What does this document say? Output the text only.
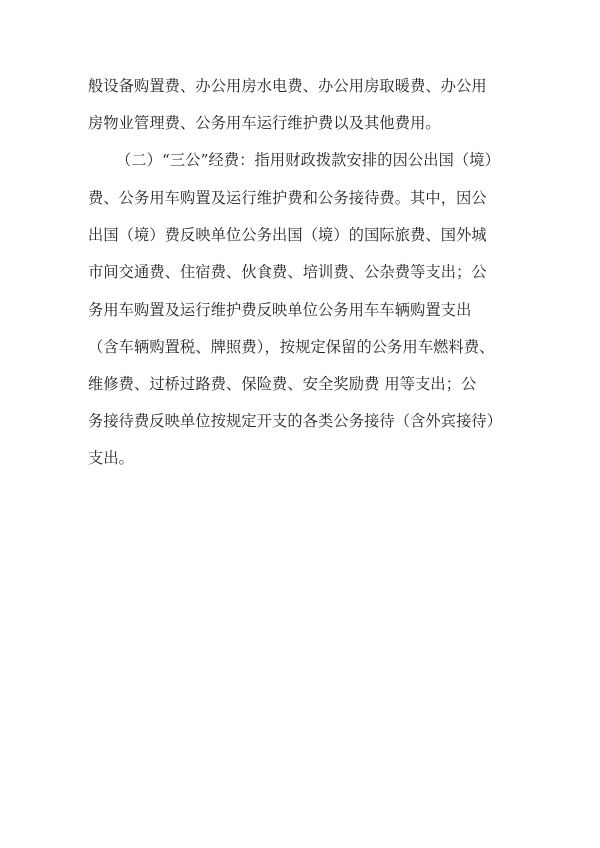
般设备购置费、办公用房水电费、办公用房取暖费、办公用
房物业管理费、公务用车运行维护费以及其他费用。
（二）“三公”经费：指用财政拨款安排的因公出国（境）
费、公务用车购置及运行维护费和公务接待费。其中，因公
出国（境）费反映单位公务出国（境）的国际旅费、国外城
市间交通费、住宿费、伙食费、培训费、公杂费等支出；公
务用车购置及运行维护费反映单位公务用车车辆购置支出
（含车辆购置税、牌照费），按规定保留的公务用车燃料费、
维修费、过桥过路费、保险费、安全奖励费 用等支出；公
务接待费反映单位按规定开支的各类公务接待（含外宾接待）
支出。
